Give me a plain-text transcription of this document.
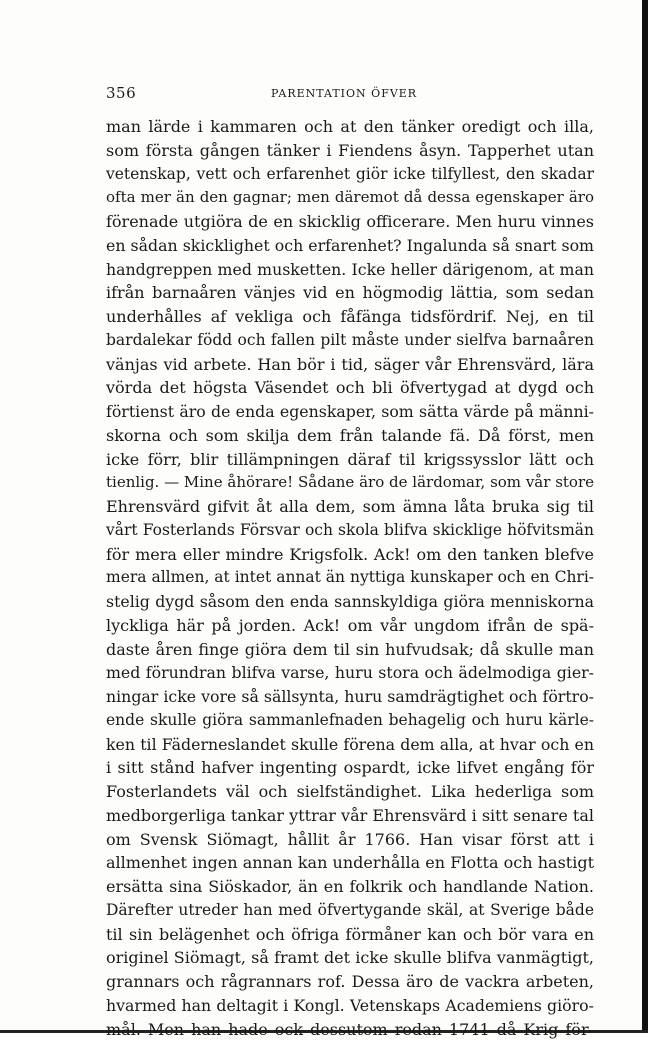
356	PARENTATION ÖFVER
man lärde i kammaren och at den tänker oredigt och illa,
som första gången tänker i Fiendens åsyn. Tapperhet utan
vetenskap, vett och erfarenhet giör icke tilfyllest, den skadar
ofta mer än den gagnar; men däremot då dessa egenskaper äro
förenade utgiöra de en skicklig officerare. Men huru vinnes
en sådan skicklighet och erfarenhet? Ingalunda så snart som
handgreppen med musketten. Icke heller därigenom, at man
ifrån barnaåren vänjes vid en högmodig lättia, som sedan
underhålles af vekliga och fåfänga tidsfördrif. Nej, en til
bardalekar född och fallen pilt måste under sielfva barnaåren
vänjas vid arbete. Han bör i tid, säger vår Ehrensvärd, lära
vörda det högsta Väsendet och bli öfvertygad at dygd och
förtienst äro de enda egenskaper, som sätta värde på männi-
skorna och som skilja dem från talande fä. Då först, men
icke förr, blir tillämpningen däraf til krigssysslor lätt och
tienlig. — Mine åhörare! Sådane äro de lärdomar, som vår store
Ehrensvärd gifvit åt alla dem, som ämna låta bruka sig til
vårt Fosterlands Försvar och skola blifva skicklige höfvitsmän
för mera eller mindre Krigsfolk. Ack! om den tanken blefve
mera allmen, at intet annat än nyttiga kunskaper och en Chri-
stelig dygd såsom den enda sannskyldiga giöra menniskorna
lyckliga här på jorden. Ack! om vår ungdom ifrån de spä-
daste åren finge giöra dem til sin hufvudsak; då skulle man
med förundran blifva varse, huru stora och ädelmodiga gier-
ningar icke vore så sällsynta, huru samdrägtighet och förtro-
ende skulle giöra sammanlefnaden behagelig och huru kärle-
ken til Fäderneslandet skulle förena dem alla, at hvar och en
i sitt stånd hafver ingenting ospardt, icke lifvet engång för
Fosterlandets väl och sielfständighet. Lika hederliga som
medborgerliga tankar yttrar vår Ehrensvärd i sitt senare tal
om Svensk Siömagt, hållit år 1766. Han visar först att i
allmenhet ingen annan kan underhålla en Flotta och hastigt
ersätta sina Siöskador, än en folkrik och handlande Nation.
Därefter utreder han med öfvertygande skäl, at Sverige både
til sin belägenhet och öfriga förmåner kan och bör vara en
originel Siömagt, så framt det icke skulle blifva vanmägtigt,
grannars och rågrannars rof. Dessa äro de vackra arbeten,
hvarmed han deltagit i Kongl. Vetenskaps Academiens giöro-
mål. Men han hade ock dessutom redan 1741 då Krig för-
